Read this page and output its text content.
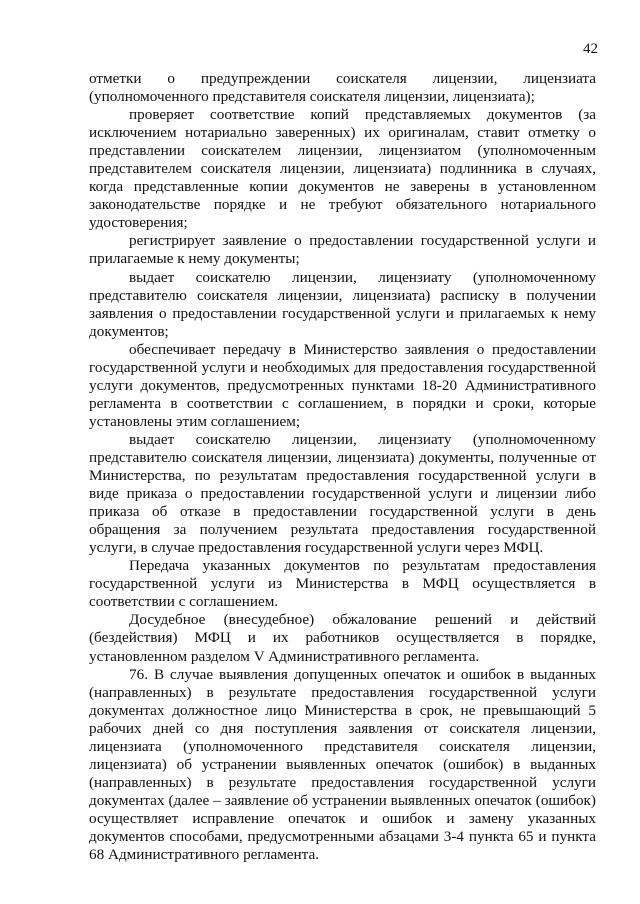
42

отметки о предупреждении соискателя лицензии, лицензиата (уполномоченного представителя соискателя лицензии, лицензиата);

проверяет соответствие копий представляемых документов (за исключением нотариально заверенных) их оригиналам, ставит отметку о представлении соискателем лицензии, лицензиатом (уполномоченным представителем соискателя лицензии, лицензиата) подлинника в случаях, когда представленные копии документов не заверены в установленном законодательстве порядке и не требуют обязательного нотариального удостоверения;

регистрирует заявление о предоставлении государственной услуги и прилагаемые к нему документы;

выдает соискателю лицензии, лицензиату (уполномоченному представителю соискателя лицензии, лицензиата) расписку в получении заявления о предоставлении государственной услуги и прилагаемых к нему документов;

обеспечивает передачу в Министерство заявления о предоставлении государственной услуги и необходимых для предоставления государственной услуги документов, предусмотренных пунктами 18-20 Административного регламента в соответствии с соглашением, в порядки и сроки, которые установлены этим соглашением;

выдает соискателю лицензии, лицензиату (уполномоченному представителю соискателя лицензии, лицензиата) документы, полученные от Министерства, по результатам предоставления государственной услуги в виде приказа о предоставлении государственной услуги и лицензии либо приказа об отказе в предоставлении государственной услуги в день обращения за получением результата предоставления государственной услуги, в случае предоставления государственной услуги через МФЦ.

Передача указанных документов по результатам предоставления государственной услуги из Министерства в МФЦ осуществляется в соответствии с соглашением.

Досудебное (внесудебное) обжалование решений и действий (бездействия) МФЦ и их работников осуществляется в порядке, установленном разделом V Административного регламента.

76. В случае выявления допущенных опечаток и ошибок в выданных (направленных) в результате предоставления государственной услуги документах должностное лицо Министерства в срок, не превышающий 5 рабочих дней со дня поступления заявления от соискателя лицензии, лицензиата (уполномоченного представителя соискателя лицензии, лицензиата) об устранении выявленных опечаток (ошибок) в выданных (направленных) в результате предоставления государственной услуги документах (далее – заявление об устранении выявленных опечаток (ошибок) осуществляет исправление опечаток и ошибок и замену указанных документов способами, предусмотренными абзацами 3-4 пункта 65 и пункта 68 Административного регламента.
